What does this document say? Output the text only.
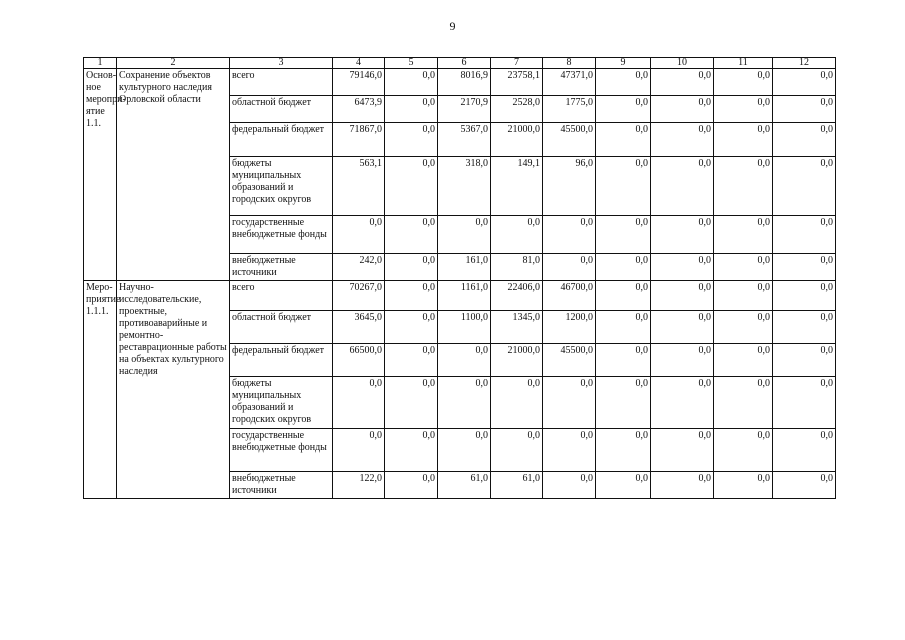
9
1	2	3	4	5	6	7	8	9	10	11	12
Основ-ное меропри-ятие 1.1.	Сохранение объектов культурного наследия Орловской области	всего	79146,0	0,0	8016,9	23758,1	47371,0	0,0	0,0	0,0	0,0
		областной бюджет	6473,9	0,0	2170,9	2528,0	1775,0	0,0	0,0	0,0	0,0
		федеральный бюджет	71867,0	0,0	5367,0	21000,0	45500,0	0,0	0,0	0,0	0,0
		бюджеты муниципальных образований и городских округов	563,1	0,0	318,0	149,1	96,0	0,0	0,0	0,0	0,0
		государственные внебюджетные фонды	0,0	0,0	0,0	0,0	0,0	0,0	0,0	0,0	0,0
		внебюджетные источники	242,0	0,0	161,0	81,0	0,0	0,0	0,0	0,0	0,0
Меро-приятие 1.1.1.	Научно-исследовательские, проектные, противоаварийные и ремонтно-реставрационные работы на объектах культурного наследия	всего	70267,0	0,0	1161,0	22406,0	46700,0	0,0	0,0	0,0	0,0
		областной бюджет	3645,0	0,0	1100,0	1345,0	1200,0	0,0	0,0	0,0	0,0
		федеральный бюджет	66500,0	0,0	0,0	21000,0	45500,0	0,0	0,0	0,0	0,0
		бюджеты муниципальных образований и городских округов	0,0	0,0	0,0	0,0	0,0	0,0	0,0	0,0	0,0
		государственные внебюджетные фонды	0,0	0,0	0,0	0,0	0,0	0,0	0,0	0,0	0,0
		внебюджетные источники	122,0	0,0	61,0	61,0	0,0	0,0	0,0	0,0	0,0
